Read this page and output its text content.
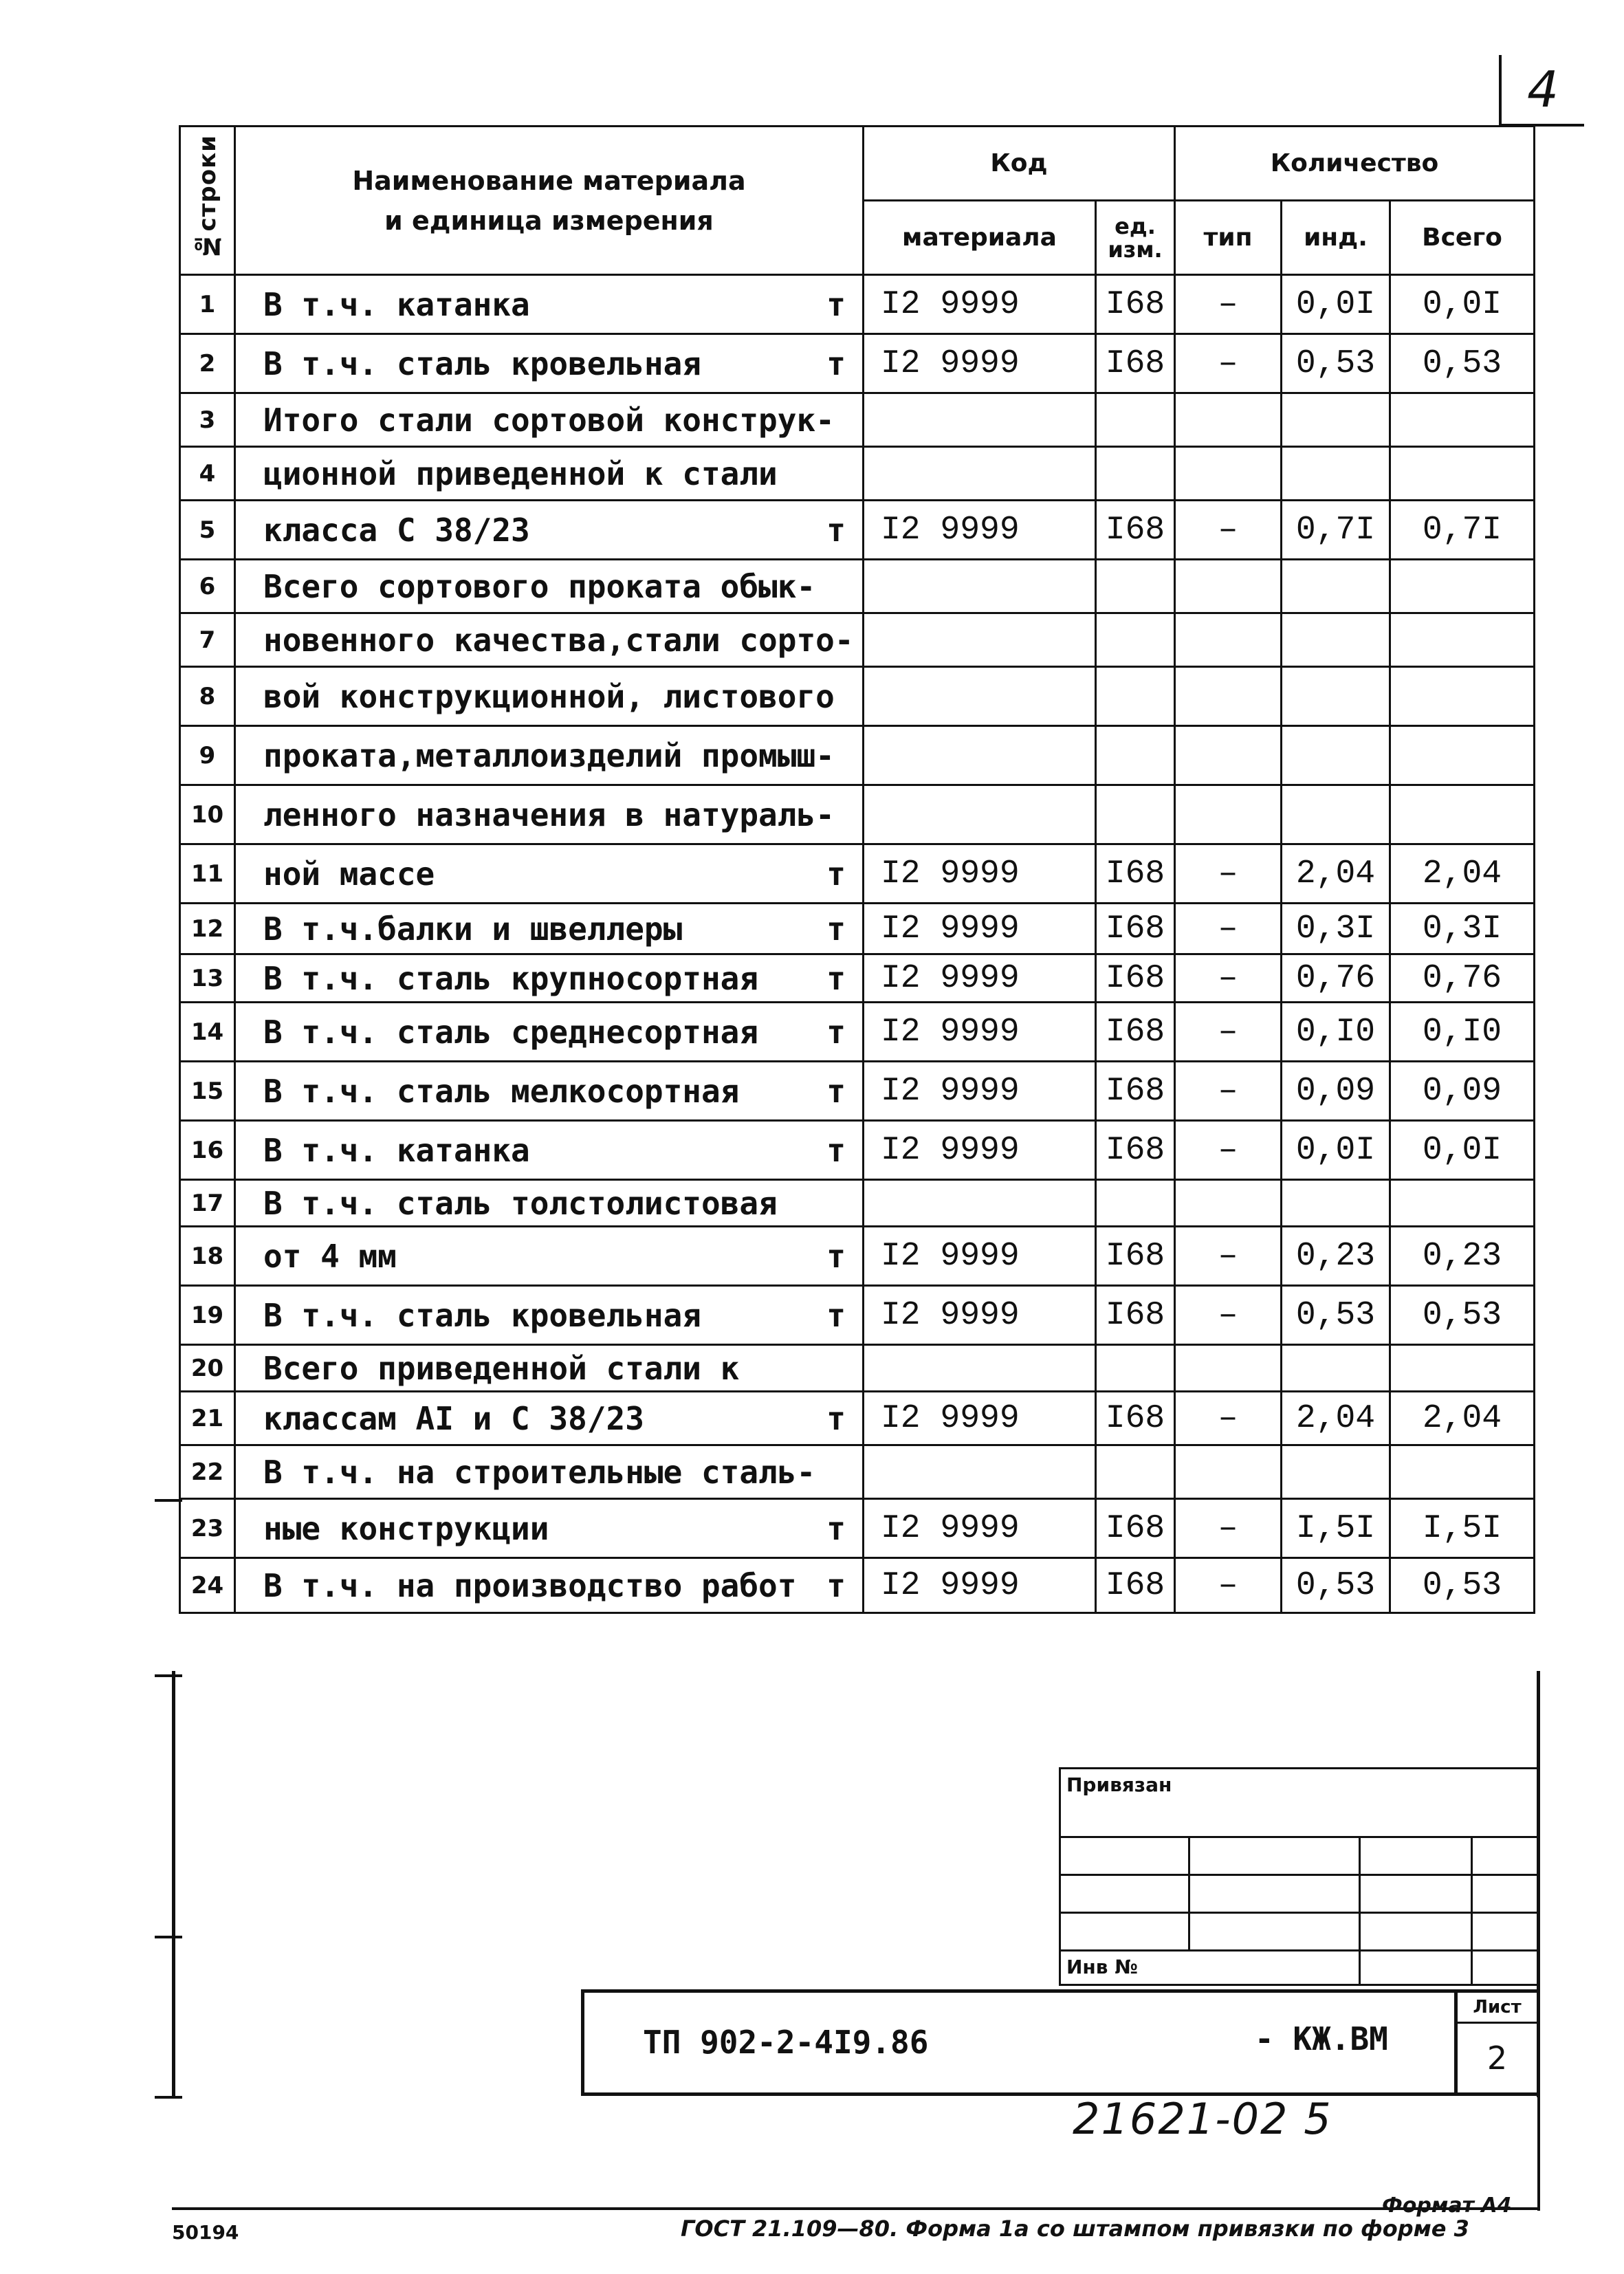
4
№строки	Наименование материала
и единица измерения	Код		Количество		
		материала	ед. изм.	тип	инд.	Всего
1	В т.ч. катанка т	I2 9999	I68	–	0,0I	0,0I
2	В т.ч. сталь кровельная т	I2 9999	I68	–	0,53	0,53
3	Итого стали сортовой конструк-

4	ционной приведенной к стали

5	класса С 38/23 т	I2 9999	I68	–	0,7I	0,7I
6	Всего сортового проката обык-

7	новенного качества,стали сорто-

8	вой конструкционной, листового

9	проката,металлоизделий промыш-

10	ленного назначения в натураль-

11	ной массе т	I2 9999	I68	–	2,04	2,04
12	В т.ч.балки и швеллеры т	I2 9999	I68	–	0,3I	0,3I
13	В т.ч. сталь крупносортная т	I2 9999	I68	–	0,76	0,76
14	В т.ч. сталь среднесортная т	I2 9999	I68	–	0,I0	0,I0
15	В т.ч. сталь мелкосортная т	I2 9999	I68	–	0,09	0,09
16	В т.ч. катанка т	I2 9999	I68	–	0,0I	0,0I
17	В т.ч. сталь толстолистовая

18	от 4 мм т	I2 9999	I68	–	0,23	0,23
19	В т.ч. сталь кровельная т	I2 9999	I68	–	0,53	0,53
20	Всего приведенной стали к

21	классам АI и С 38/23 т	I2 9999	I68	–	2,04	2,04
22	В т.ч. на строительные сталь-

23	ные конструкции т	I2 9999	I68	–	I,5I	I,5I
24	В т.ч. на производство работ т	I2 9999	I68	–	0,53	0,53
Привязан			

Инв №			
ТП 902-2-4I9.86	- КЖ.ВМ
Лист
2
21621-02 5
Формат А4
50194	ГОСТ 21.109—80. Форма 1а со штампом привязки по форме 3
